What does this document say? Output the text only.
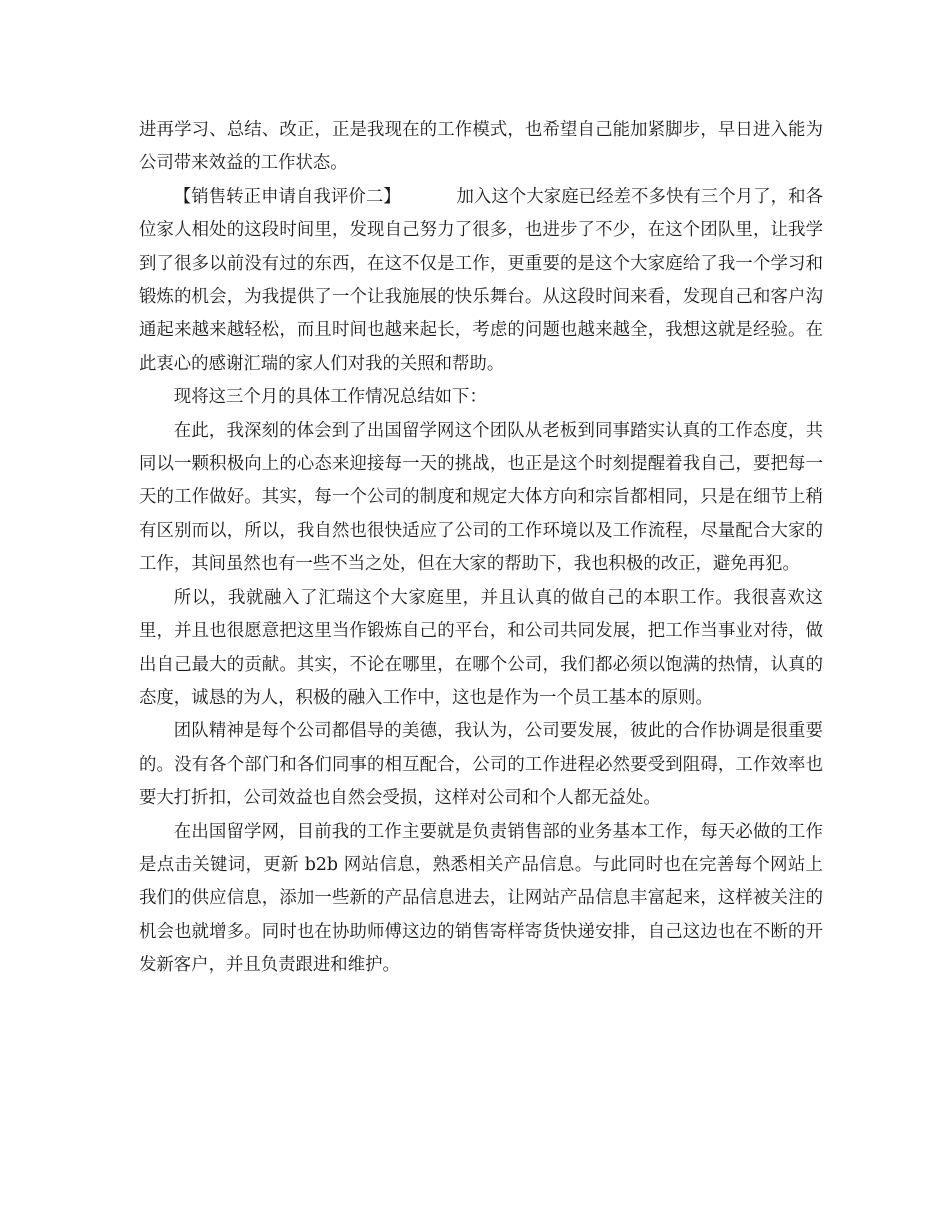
进再学习、总结、改正，正是我现在的工作模式，也希望自己能加紧脚步，早日进入能为公司带来效益的工作状态。

【销售转正申请自我评价二】	加入这个大家庭已经差不多快有三个月了，和各位家人相处的这段时间里，发现自己努力了很多，也进步了不少，在这个团队里，让我学到了很多以前没有过的东西，在这不仅是工作，更重要的是这个大家庭给了我一个学习和锻炼的机会，为我提供了一个让我施展的快乐舞台。从这段时间来看，发现自己和客户沟通起来越来越轻松，而且时间也越来起长，考虑的问题也越来越全，我想这就是经验。在此衷心的感谢汇瑞的家人们对我的关照和帮助。

现将这三个月的具体工作情况总结如下：

在此，我深刻的体会到了出国留学网这个团队从老板到同事踏实认真的工作态度，共同以一颗积极向上的心态来迎接每一天的挑战，也正是这个时刻提醒着我自己，要把每一天的工作做好。其实，每一个公司的制度和规定大体方向和宗旨都相同，只是在细节上稍有区别而以，所以，我自然也很快适应了公司的工作环境以及工作流程，尽量配合大家的工作，其间虽然也有一些不当之处，但在大家的帮助下，我也积极的改正，避免再犯。

所以，我就融入了汇瑞这个大家庭里，并且认真的做自己的本职工作。我很喜欢这里，并且也很愿意把这里当作锻炼自己的平台，和公司共同发展，把工作当事业对待，做出自己最大的贡献。其实，不论在哪里，在哪个公司，我们都必须以饱满的热情，认真的态度，诚恳的为人，积极的融入工作中，这也是作为一个员工基本的原则。

团队精神是每个公司都倡导的美德，我认为，公司要发展，彼此的合作协调是很重要的。没有各个部门和各们同事的相互配合，公司的工作进程必然要受到阻碍，工作效率也要大打折扣，公司效益也自然会受损，这样对公司和个人都无益处。

在出国留学网，目前我的工作主要就是负责销售部的业务基本工作，每天必做的工作是点击关键词，更新 b2b 网站信息，熟悉相关产品信息。与此同时也在完善每个网站上我们的供应信息，添加一些新的产品信息进去，让网站产品信息丰富起来，这样被关注的机会也就增多。同时也在协助师傅这边的销售寄样寄货快递安排，自己这边也在不断的开发新客户，并且负责跟进和维护。
